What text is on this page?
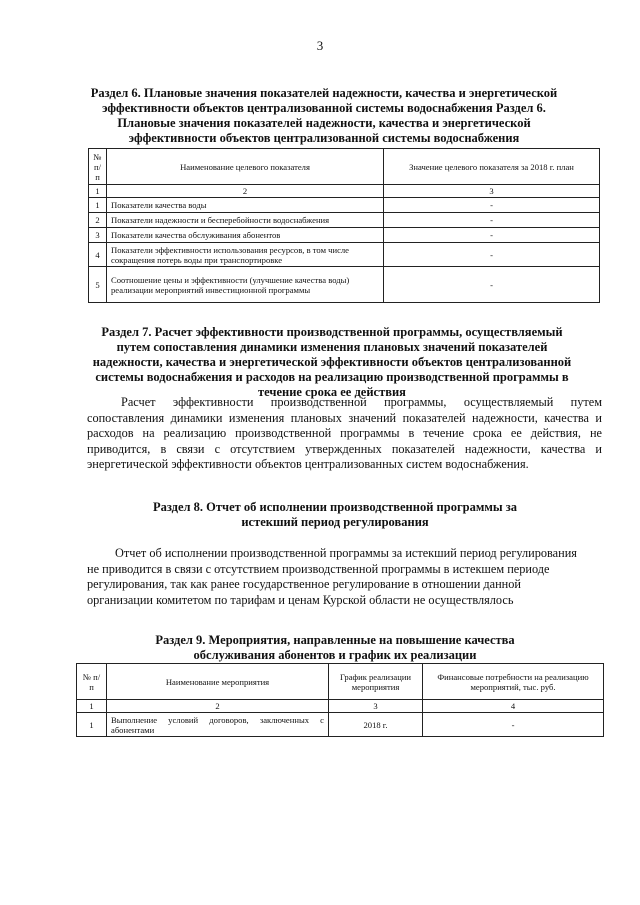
3
Раздел 6. Плановые значения показателей надежности, качества и энергетической эффективности объектов централизованной системы водоснабжения Раздел 6. Плановые значения показателей надежности, качества и энергетической эффективности объектов централизованной системы водоснабжения
№ п/ п	Наименование целевого показателя	Значение целевого показателя за 2018 г. план
1	2	3
1	Показатели качества воды	-
2	Показатели надежности и бесперебойности водоснабжения	-
3	Показатели качества обслуживания абонентов	-
4	Показатели эффективности использования ресурсов, в том числе сокращения потерь воды при транспортировке	-
5	Соотношение цены и эффективности (улучшение качества воды) реализации мероприятий инвестиционной программы	-
Раздел 7. Расчет эффективности производственной программы, осуществляемый путем сопоставления динамики изменения плановых значений показателей надежности, качества и энергетической эффективности объектов централизованной системы водоснабжения и расходов на реализацию производственной программы в течение срока ее действия
Расчет эффективности производственной программы, осуществляемый путем сопоставления динамики изменения плановых значений показателей надежности, качества и расходов на реализацию производственной программы в течение срока ее действия, не приводится, в связи с отсутствием утвержденных показателей надежности, качества и энергетической эффективности объектов централизованных систем водоснабжения.
Раздел 8. Отчет об исполнении производственной программы за истекший период регулирования
Отчет об исполнении производственной программы за истекший период регулирования не приводится в связи с отсутствием производственной программы в истекшем периоде регулирования, так как ранее государственное регулирование в отношении данной организации комитетом по тарифам и ценам Курской области не осуществлялось
Раздел 9. Мероприятия, направленные на повышение качества обслуживания абонентов и график их реализации
№ п/п	Наименование мероприятия	График реализации мероприятия	Финансовые потребности на реализацию мероприятий, тыс. руб.
1	2	3	4
1	Выполнение условий договоров, заключенных с абонентами	2018 г.	-
